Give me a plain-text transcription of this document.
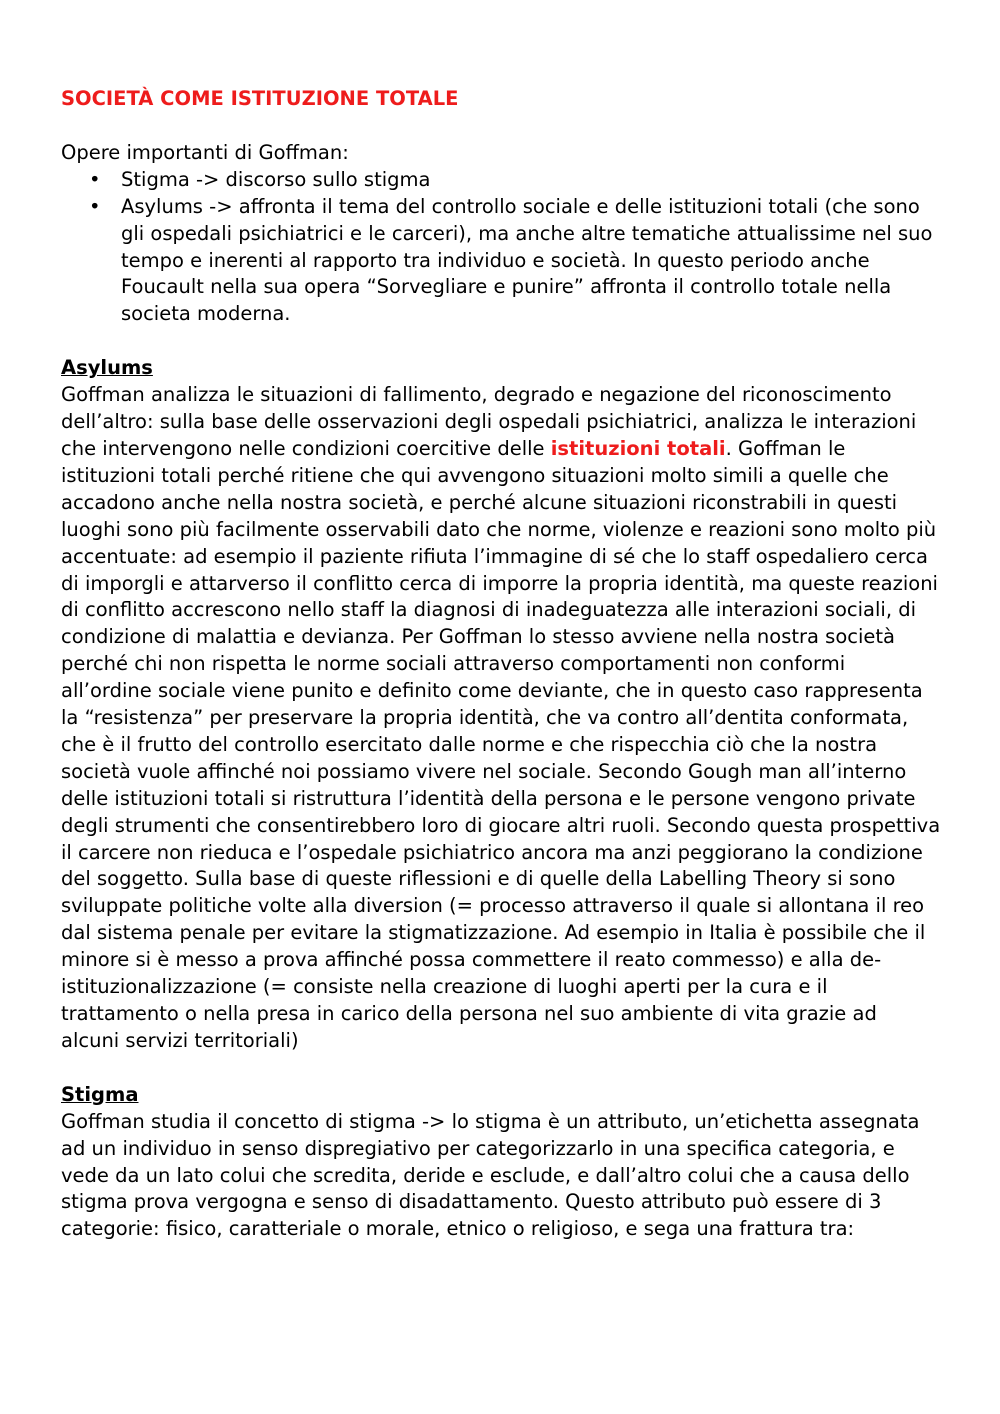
SOCIETÀ COME ISTITUZIONE TOTALE

Opere importanti di Goffman:

• Stigma -> discorso sullo stigma
• Asylums -> affronta il tema del controllo sociale e delle istituzioni totali (che sono gli ospedali psichiatrici e le carceri), ma anche altre tematiche attualissime nel suo tempo e inerenti al rapporto tra individuo e società. In questo periodo anche Foucault nella sua opera “Sorvegliare e punire” affronta il controllo totale nella societa moderna.
Asylums

Goffman analizza le situazioni di fallimento, degrado e negazione del riconoscimento dell’altro: sulla base delle osservazioni degli ospedali psichiatrici, analizza le interazioni che intervengono nelle condizioni coercitive delle istituzioni totali. Goffman le istituzioni totali perché ritiene che qui avvengono situazioni molto simili a quelle che accadono anche nella nostra società, e perché alcune situazioni riconstrabili in questi luoghi sono più facilmente osservabili dato che norme, violenze e reazioni sono molto più accentuate: ad esempio il paziente rifiuta l’immagine di sé che lo staff ospedaliero cerca di imporgli e attarverso il conflitto cerca di imporre la propria identità, ma queste reazioni di conflitto accrescono nello staff la diagnosi di inadeguatezza alle interazioni sociali, di condizione di malattia e devianza. Per Goffman lo stesso avviene nella nostra società perché chi non rispetta le norme sociali attraverso comportamenti non conformi all’ordine sociale viene punito e definito come deviante, che in questo caso rappresenta la “resistenza” per preservare la propria identità, che va contro all’dentita conformata, che è il frutto del controllo esercitato dalle norme e che rispecchia ciò che la nostra società vuole affinché noi possiamo vivere nel sociale. Secondo Gough man all’interno delle istituzioni totali si ristruttura l’identità della persona e le persone vengono private degli strumenti che consentirebbero loro di giocare altri ruoli. Secondo questa prospettiva il carcere non rieduca e l’ospedale psichiatrico ancora ma anzi peggiorano la condizione del soggetto. Sulla base di queste riflessioni e di quelle della Labelling Theory si sono sviluppate politiche volte alla diversion (= processo attraverso il quale si allontana il reo dal sistema penale per evitare la stigmatizzazione. Ad esempio in Italia è possibile che il minore si è messo a prova affinché possa commettere il reato commesso) e alla de-istituzionalizzazione (= consiste nella creazione di luoghi aperti per la cura e il trattamento o nella presa in carico della persona nel suo ambiente di vita grazie ad alcuni servizi territoriali)

Stigma

Goffman studia il concetto di stigma -> lo stigma è un attributo, un’etichetta assegnata ad un individuo in senso dispregiativo per categorizzarlo in una specifica categoria, e vede da un lato colui che scredita, deride e esclude, e dall’altro colui che a causa dello stigma prova vergogna e senso di disadattamento. Questo attributo può essere di 3 categorie: fisico, caratteriale o morale, etnico o religioso, e sega una frattura tra:
